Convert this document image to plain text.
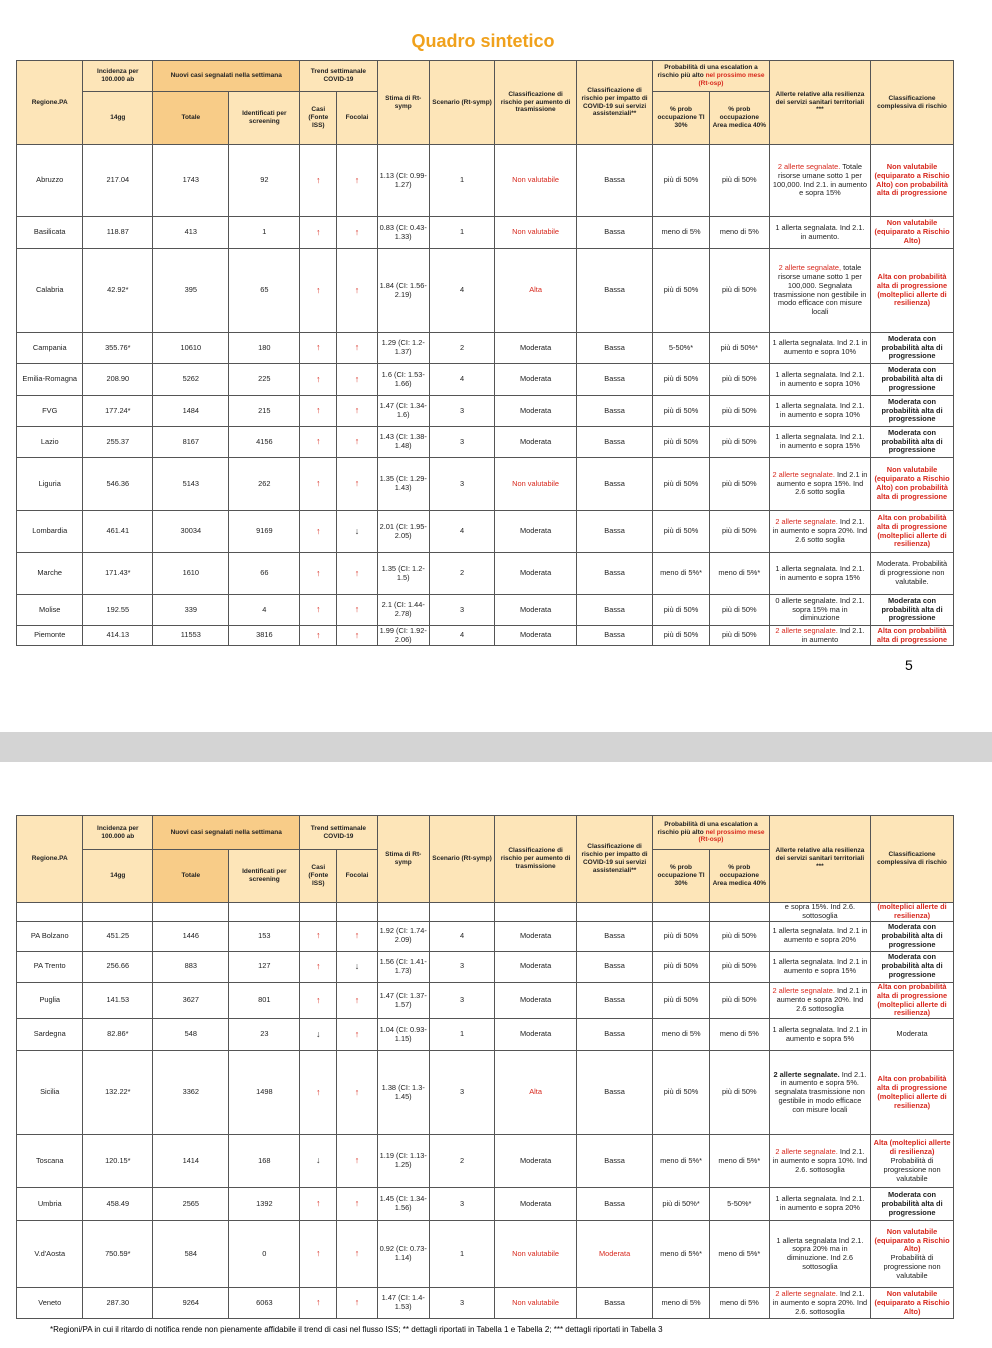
Quadro sintetico
Regione.PA	Incidenza per 100.000 ab	Nuovi casi segnalati nella settimana		Trend settimanale COVID-19		Stima di Rt- symp	Scenario (Rt-symp)	Classificazione di rischio per aumento di trasmissione	Classificazione di rischio per impatto di COVID-19 sui servizi assistenziali**	Probabilità di una escalation a rischio più alto nel prossimo mese (Rt-osp)		Allerte relative alla resilienza dei servizi sanitari territoriali ***	Classificazione complessiva di rischio
	14gg	Totale	Identificati per screening	Casi (Fonte ISS)	Focolai					% prob occupazione TI 30%	% prob occupazione Area medica 40%		
Abruzzo	217.04	1743	92	↑	↑	1.13 (CI: 0.99-1.27)	1	Non valutabile	Bassa	più di 50%	più di 50%	2 allerte segnalate. Totale risorse umane sotto 1 per 100,000. Ind 2.1. in aumento e sopra 15%	Non valutabile (equiparato a Rischio Alto) con probabilità alta di progressione
Basilicata	118.87	413	1	↑	↑	0.83 (CI: 0.43-1.33)	1	Non valutabile	Bassa	meno di 5%	meno di 5%	1 allerta segnalata. Ind 2.1. in aumento.	Non valutabile (equiparato a Rischio Alto)
Calabria	42.92*	395	65	↑	↑	1.84 (CI: 1.56-2.19)	4	Alta	Bassa	più di 50%	più di 50%	2 allerte segnalate, totale risorse umane sotto 1 per 100,000. Segnalata trasmissione non gestibile in modo efficace con misure locali	Alta con probabilità alta di progressione (molteplici allerte di resilienza)
Campania	355.76*	10610	180	↑	↑	1.29 (CI: 1.2-1.37)	2	Moderata	Bassa	5-50%*	più di 50%*	1 allerta segnalata. Ind 2.1 in aumento e sopra 10%	Moderata con probabilità alta di progressione
Emilia-Romagna	208.90	5262	225	↑	↑	1.6 (CI: 1.53-1.66)	4	Moderata	Bassa	più di 50%	più di 50%	1 allerta segnalata. Ind 2.1. in aumento e sopra 10%	Moderata con probabilità alta di progressione
FVG	177.24*	1484	215	↑	↑	1.47 (CI: 1.34-1.6)	3	Moderata	Bassa	più di 50%	più di 50%	1 allerta segnalata. Ind 2.1. in aumento e sopra 10%	Moderata con probabilità alta di progressione
Lazio	255.37	8167	4156	↑	↑	1.43 (CI: 1.38-1.48)	3	Moderata	Bassa	più di 50%	più di 50%	1 allerta segnalata. Ind 2.1. in aumento e sopra 15%	Moderata con probabilità alta di progressione
Liguria	546.36	5143	262	↑	↑	1.35 (CI: 1.29-1.43)	3	Non valutabile	Bassa	più di 50%	più di 50%	2 allerte segnalate. Ind 2.1 in aumento e sopra 15%. Ind 2.6 sotto soglia	Non valutabile (equiparato a Rischio Alto) con probabilità alta di progressione
Lombardia	461.41	30034	9169	↑	↓	2.01 (CI: 1.95-2.05)	4	Moderata	Bassa	più di 50%	più di 50%	2 allerte segnalate. Ind 2.1. in aumento e sopra 20%. Ind 2.6 sotto soglia	Alta con probabilità alta di progressione (molteplici allerte di resilienza)
Marche	171.43*	1610	66	↑	↑	1.35 (CI: 1.2-1.5)	2	Moderata	Bassa	meno di 5%*	meno di 5%*	1 allerta segnalata. Ind 2.1. in aumento e sopra 15%	Moderata. Probabilità di progressione non valutabile.
Molise	192.55	339	4	↑	↑	2.1 (CI: 1.44-2.78)	3	Moderata	Bassa	più di 50%	più di 50%	0 allerte segnalate. Ind 2.1. sopra 15% ma in diminuzione	Moderata con probabilità alta di progressione
Piemonte	414.13	11553	3816	↑	↑	1.99 (CI: 1.92-2.06)	4	Moderata	Bassa	più di 50%	più di 50%	2 allerte segnalate. Ind 2.1. in aumento	Alta con probabilità alta di progressione
5
Regione.PA	Incidenza per 100.000 ab	Nuovi casi segnalati nella settimana		Trend settimanale COVID-19		Stima di Rt- symp	Scenario (Rt-symp)	Classificazione di rischio per aumento di trasmissione	Classificazione di rischio per impatto di COVID-19 sui servizi assistenziali**	Probabilità di una escalation a rischio più alto nel prossimo mese (Rt-osp)		Allerte relative alla resilienza dei servizi sanitari territoriali ***	Classificazione complessiva di rischio
	14gg	Totale	Identificati per screening	Casi (Fonte ISS)	Focolai					% prob occupazione TI 30%	% prob occupazione Area medica 40%		
												e sopra 15%. Ind 2.6. sottosoglia	(molteplici allerte di resilienza)
PA Bolzano	451.25	1446	153	↑	↑	1.92 (CI: 1.74-2.09)	4	Moderata	Bassa	più di 50%	più di 50%	1 allerta segnalata. Ind 2.1 in aumento e sopra 20%	Moderata con probabilità alta di progressione
PA Trento	256.66	883	127	↑	↓	1.56 (CI: 1.41-1.73)	3	Moderata	Bassa	più di 50%	più di 50%	1 allerta segnalata. Ind 2.1 in aumento e sopra 15%	Moderata con probabilità alta di progressione
Puglia	141.53	3627	801	↑	↑	1.47 (CI: 1.37-1.57)	3	Moderata	Bassa	più di 50%	più di 50%	2 allerte segnalate. Ind 2.1 in aumento e sopra 20%. Ind 2.6 sottosoglia	Alta con probabilità alta di progressione (molteplici allerte di resilienza)
Sardegna	82.86*	548	23	↓	↑	1.04 (CI: 0.93-1.15)	1	Moderata	Bassa	meno di 5%	meno di 5%	1 allerta segnalata. Ind 2.1 in aumento e sopra 5%	Moderata
Sicilia	132.22*	3362	1498	↑	↑	1.38 (CI: 1.3-1.45)	3	Alta	Bassa	più di 50%	più di 50%	2 allerte segnalate. Ind 2.1. in aumento e sopra 5%. segnalata trasmissione non gestibile in modo efficace con misure locali	Alta con probabilità alta di progressione (molteplici allerte di resilienza)
Toscana	120.15*	1414	168	↓	↑	1.19 (CI: 1.13-1.25)	2	Moderata	Bassa	meno di 5%*	meno di 5%*	2 allerte segnalate. Ind 2.1. in aumento e sopra 10%. Ind 2.6. sottosoglia	Alta (molteplici allerte di resilienza)
Probabilità di progressione non valutabile

Umbria	458.49	2565	1392	↑	↑	1.45 (CI: 1.34-1.56)	3	Moderata	Bassa	più di 50%*	5-50%*	1 allerta segnalata. Ind 2.1. in aumento e sopra 20%	Moderata con probabilità alta di progressione
V.d'Aosta	750.59*	584	0	↑	↑	0.92 (CI: 0.73-1.14)	1	Non valutabile	Moderata	meno di 5%*	meno di 5%*	1 allerta segnalata Ind 2.1. sopra 20% ma in diminuzione. Ind 2.6 sottosoglia	Non valutabile (equiparato a Rischio Alto)
Probabilità di progressione non valutabile

Veneto	287.30	9264	6063	↑	↑	1.47 (CI: 1.4-1.53)	3	Non valutabile	Bassa	meno di 5%	meno di 5%	2 allerte segnalate. Ind 2.1. in aumento e sopra 20%. Ind 2.6. sottosoglia	Non valutabile (equiparato a Rischio Alto)
*Regioni/PA in cui il ritardo di notifica rende non pienamente affidabile il trend di casi nel flusso ISS; ** dettagli riportati in Tabella 1 e Tabella 2; *** dettagli riportati in Tabella 3
